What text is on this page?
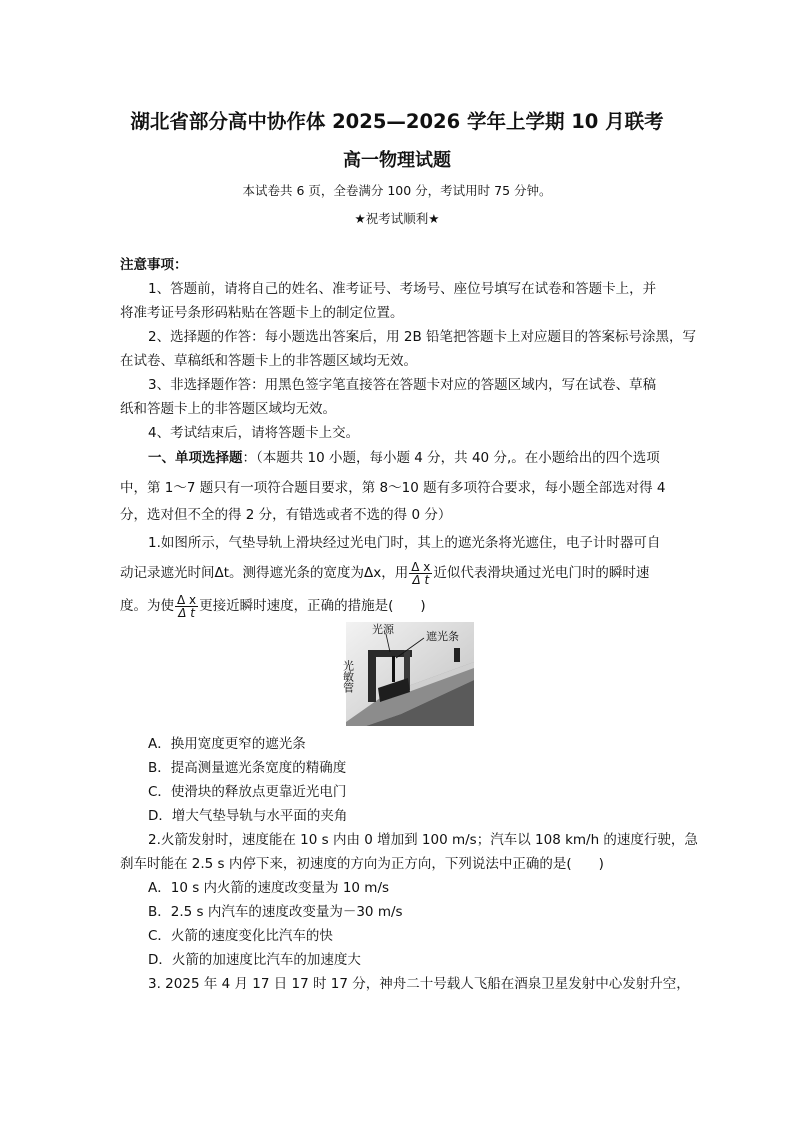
湖北省部分高中协作体 2025—2026 学年上学期 10 月联考
高一物理试题
本试卷共 6 页，全卷满分 100 分，考试用时 75 分钟。
★祝考试顺利★
注意事项：
1、答题前，请将自己的姓名、准考证号、考场号、座位号填写在试卷和答题卡上，并
将准考证号条形码粘贴在答题卡上的制定位置。
2、选择题的作答：每小题选出答案后，用 2B 铅笔把答题卡上对应题目的答案标号涂黑，写
在试卷、草稿纸和答题卡上的非答题区域均无效。
3、非选择题作答：用黑色签字笔直接答在答题卡对应的答题区域内，写在试卷、草稿
纸和答题卡上的非答题区域均无效。
4、考试结束后，请将答题卡上交。
一、单项选择题：（本题共 10 小题，每小题 4 分，共 40 分,。在小题给出的四个选项
中，第 1～7 题只有一项符合题目要求，第 8～10 题有多项符合要求，每小题全部选对得 4
分，选对但不全的得 2 分，有错选或者不选的得 0 分）
1.如图所示，气垫导轨上滑块经过光电门时，其上的遮光条将光遮住，电子计时器可自
动记录遮光时间Δt。测得遮光条的宽度为Δx，用 $\frac{\text{Δ x}}{\text{Δ t}}$ 近似代表滑块通过光电门时的瞬时速
度。为使 $\frac{\text{Δ x}}{\text{Δ t}}$ 更接近瞬时速度，正确的措施是(　　)
光源
遮光条
光敏管
A．换用宽度更窄的遮光条
B．提高测量遮光条宽度的精确度
C．使滑块的释放点更靠近光电门
D．增大气垫导轨与水平面的夹角
2.火箭发射时，速度能在 10 s 内由 0 增加到 100 m/s；汽车以 108 km/h 的速度行驶，急
刹车时能在 2.5 s 内停下来，初速度的方向为正方向，下列说法中正确的是(　　)
A．10 s 内火箭的速度改变量为 10 m/s
B．2.5 s 内汽车的速度改变量为－30 m/s
C．火箭的速度变化比汽车的快
D．火箭的加速度比汽车的加速度大
3. 2025 年 4 月 17 日 17 时 17 分，神舟二十号载人飞船在酒泉卫星发射中心发射升空，
